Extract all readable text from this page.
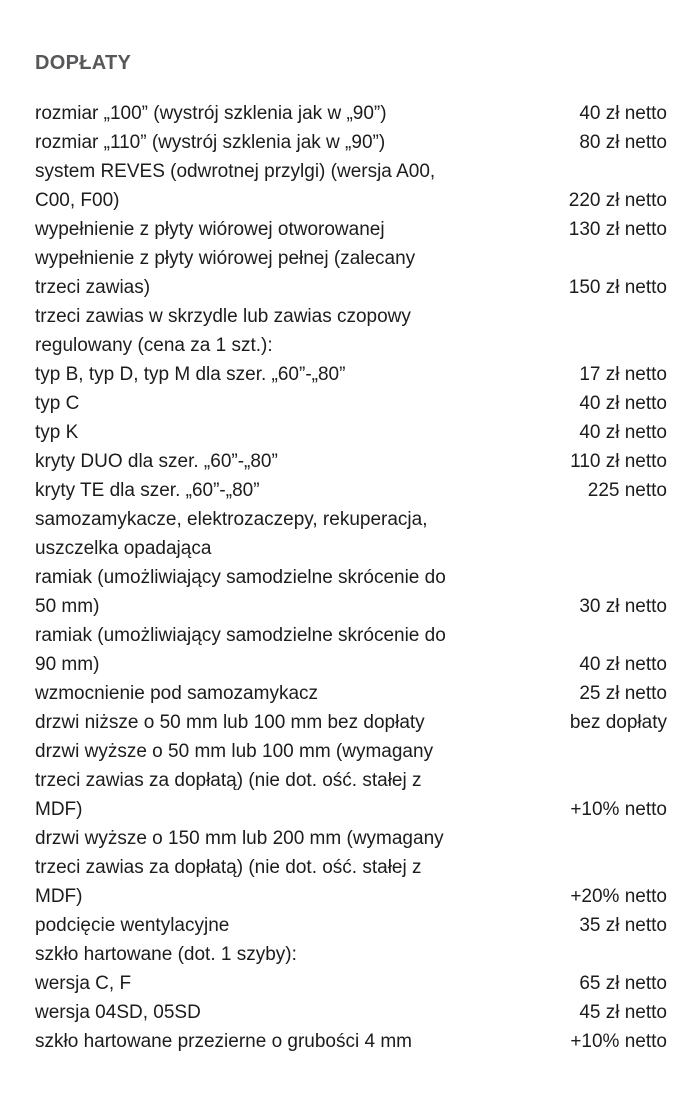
DOPŁATY
rozmiar „100” (wystrój szklenia jak w „90”)	40 zł netto
rozmiar „110” (wystrój szklenia jak w „90”)	80 zł netto
system REVES (odwrotnej przylgi) (wersja A00,
C00, F00)	220 zł netto
wypełnienie z płyty wiórowej otworowanej	130 zł netto
wypełnienie z płyty wiórowej pełnej (zalecany
trzeci zawias)	150 zł netto
trzeci zawias w skrzydle lub zawias czopowy
regulowany (cena za 1 szt.):
typ B, typ D, typ M dla szer. „60”-„80”	17 zł netto
typ C	40 zł netto
typ K	40 zł netto
kryty DUO dla szer. „60”-„80”	110 zł netto
kryty TE dla szer. „60”-„80”	225 netto
samozamykacze, elektrozaczepy, rekuperacja,
uszczelka opadająca
ramiak (umożliwiający samodzielne skrócenie do
50 mm)	30 zł netto
ramiak (umożliwiający samodzielne skrócenie do
90 mm)	40 zł netto
wzmocnienie pod samozamykacz	25 zł netto
drzwi niższe o 50 mm lub 100 mm bez dopłaty	bez dopłaty
drzwi wyższe o 50 mm lub 100 mm (wymagany
trzeci zawias za dopłatą) (nie dot. ość. stałej z
MDF)	+10% netto
drzwi wyższe o 150 mm lub 200 mm (wymagany
trzeci zawias za dopłatą) (nie dot. ość. stałej z
MDF)	+20% netto
podcięcie wentylacyjne	35 zł netto
szkło hartowane (dot. 1 szyby):
wersja C, F	65 zł netto
wersja 04SD, 05SD	45 zł netto
szkło hartowane przezierne o grubości 4 mm	+10% netto
